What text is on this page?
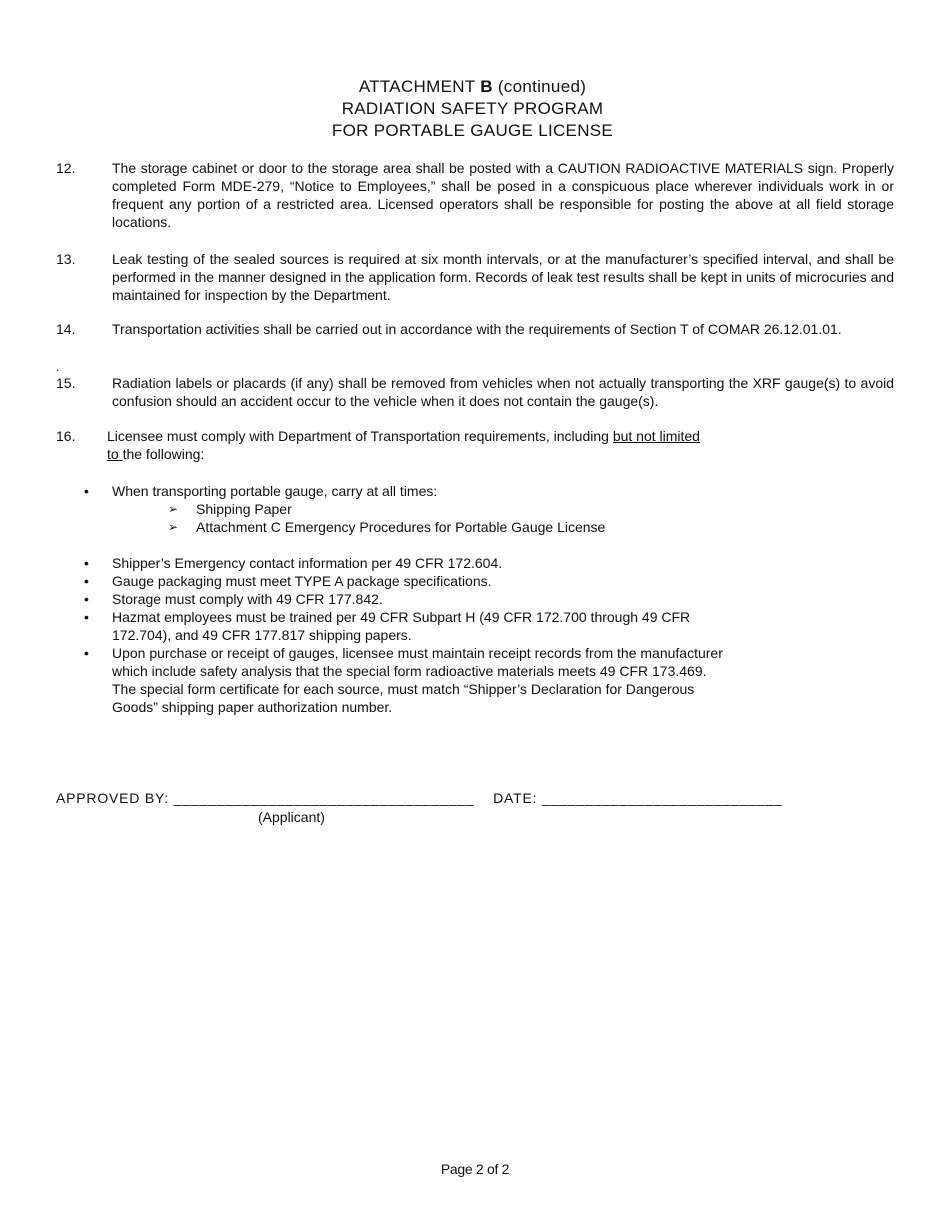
ATTACHMENT B (continued)
RADIATION SAFETY PROGRAM
FOR PORTABLE GAUGE LICENSE
12.	The storage cabinet or door to the storage area shall be posted with a CAUTION RADIOACTIVE MATERIALS sign. Properly completed Form MDE-279, “Notice to Employees,” shall be posed in a conspicuous place wherever individuals work in or frequent any portion of a restricted area. Licensed operators shall be responsible for posting the above at all field storage locations.
13.	Leak testing of the sealed sources is required at six month intervals, or at the manufacturer’s specified interval, and shall be performed in the manner designed in the application form. Records of leak test results shall be kept in units of microcuries and maintained for inspection by the Department.
14.	Transportation activities shall be carried out in accordance with the requirements of Section T of COMAR 26.12.01.01.
.
15.	Radiation labels or placards (if any) shall be removed from vehicles when not actually transporting the XRF gauge(s) to avoid confusion should an accident occur to the vehicle when it does not contain the gauge(s).
16.	Licensee must comply with Department of Transportation requirements, including but not limited
to the following:
• When transporting portable gauge, carry at all times:
➢ Shipping Paper
➢ Attachment C Emergency Procedures for Portable Gauge License
• Shipper’s Emergency contact information per 49 CFR 172.604.
• Gauge packaging must meet TYPE A package specifications.
• Storage must comply with 49 CFR 177.842.
• Hazmat employees must be trained per 49 CFR Subpart H (49 CFR 172.700 through 49 CFR 172.704), and 49 CFR 177.817 shipping papers.
• Upon purchase or receipt of gauges, licensee must maintain receipt records from the manufacturer which include safety analysis that the special form radioactive materials meets 49 CFR 173.469. The special form certificate for each source, must match “Shipper’s Declaration for Dangerous Goods” shipping paper authorization number.
APPROVED BY: ___________________________________ DATE: ____________________________
(Applicant)
Page 2 of 2
